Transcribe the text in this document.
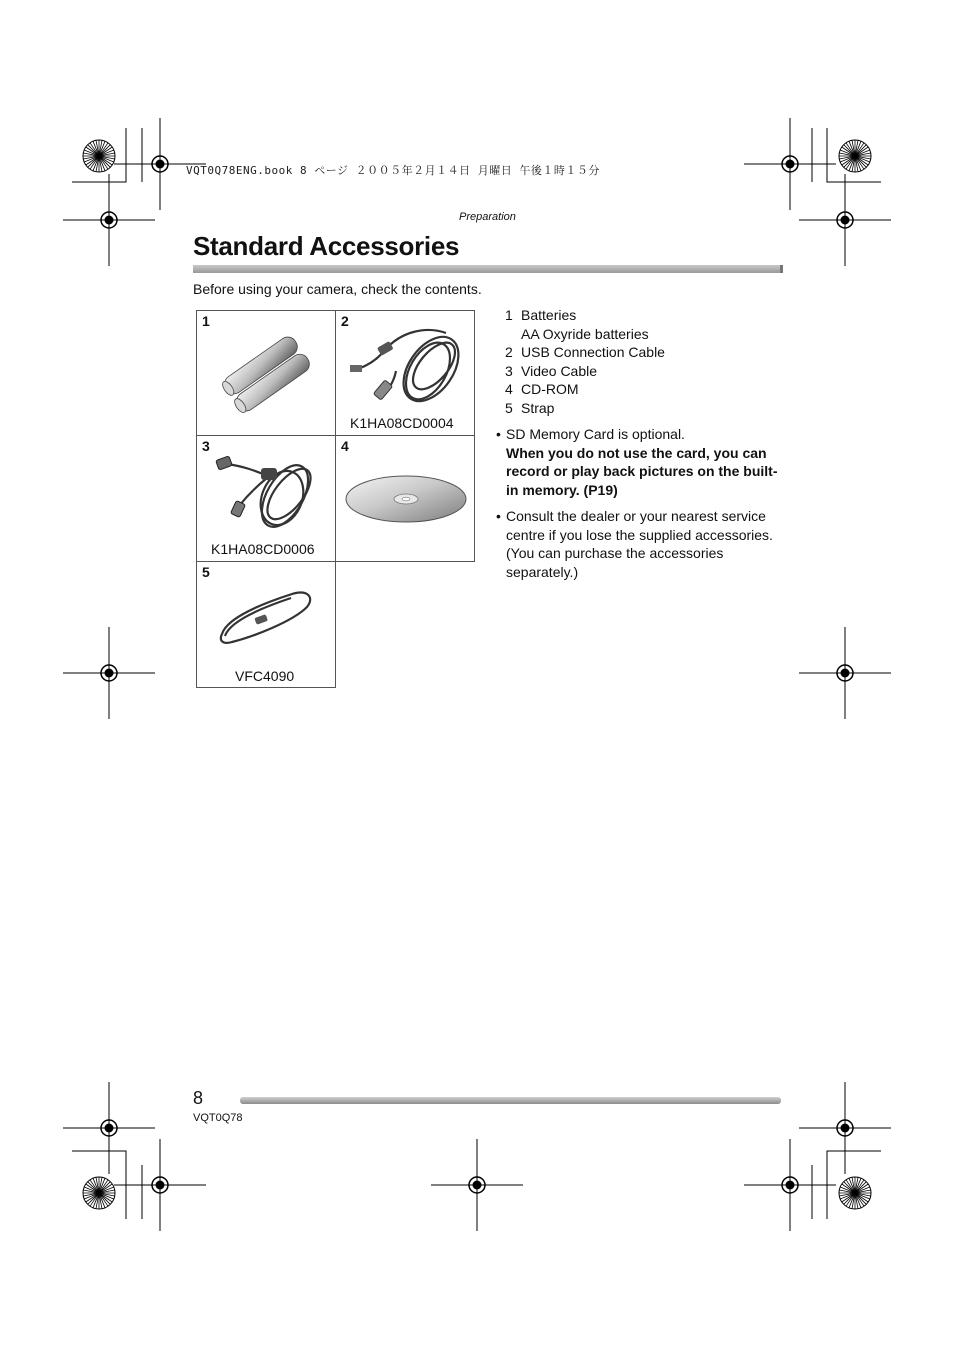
VQT0Q78ENG.book 8 ページ ２００５年２月１４日 月曜日 午後１時１５分
Preparation
Standard Accessories
Before using your camera, check the contents.
1	2
K1HA08CD0004
3
K1HA08CD0006
4
5
VFC4090
1 Batteries
AA Oxyride batteries
2 USB Connection Cable
3 Video Cable
4 CD-ROM
5 Strap
• SD Memory Card is optional.
When you do not use the card, you can record or play back pictures on the built-in memory. (P19)
• Consult the dealer or your nearest service centre if you lose the supplied accessories. (You can purchase the accessories separately.)
8
VQT0Q78
